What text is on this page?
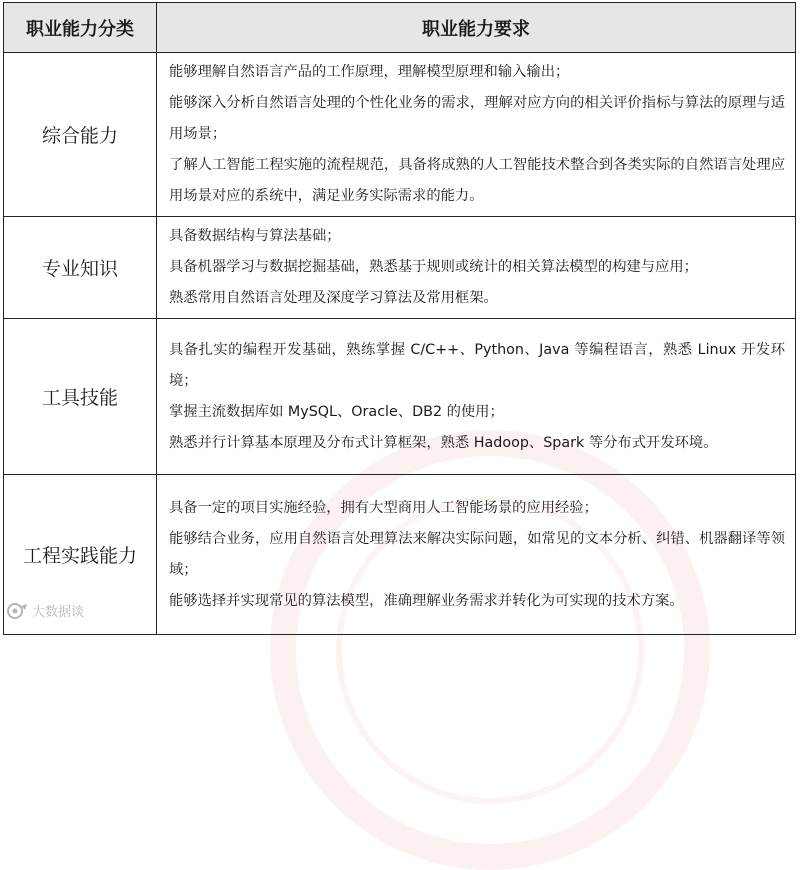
职业能力分类	职业能力要求
综合能力	能够理解自然语言产品的工作原理，理解模型原理和输入输出；
能够深入分析自然语言处理的个性化业务的需求，理解对应方向的相关评价指标与算法的原理与适用场景；
了解人工智能工程实施的流程规范，具备将成熟的人工智能技术整合到各类实际的自然语言处理应用场景对应的系统中，满足业务实际需求的能力。

专业知识	具备数据结构与算法基础；
具备机器学习与数据挖掘基础，熟悉基于规则或统计的相关算法模型的构建与应用；
熟悉常用自然语言处理及深度学习算法及常用框架。

工具技能	具备扎实的编程开发基础，熟练掌握 C/C++、Python、Java 等编程语言，熟悉 Linux 开发环境；
掌握主流数据库如 MySQL、Oracle、DB2 的使用；
熟悉并行计算基本原理及分布式计算框架，熟悉 Hadoop、Spark 等分布式开发环境。

工程实践能力	具备一定的项目实施经验，拥有大型商用人工智能场景的应用经验；
能够结合业务，应用自然语言处理算法来解决实际问题，如常见的文本分析、纠错、机器翻译等领域；
能够选择并实现常见的算法模型，准确理解业务需求并转化为可实现的技术方案。
大数据谈
